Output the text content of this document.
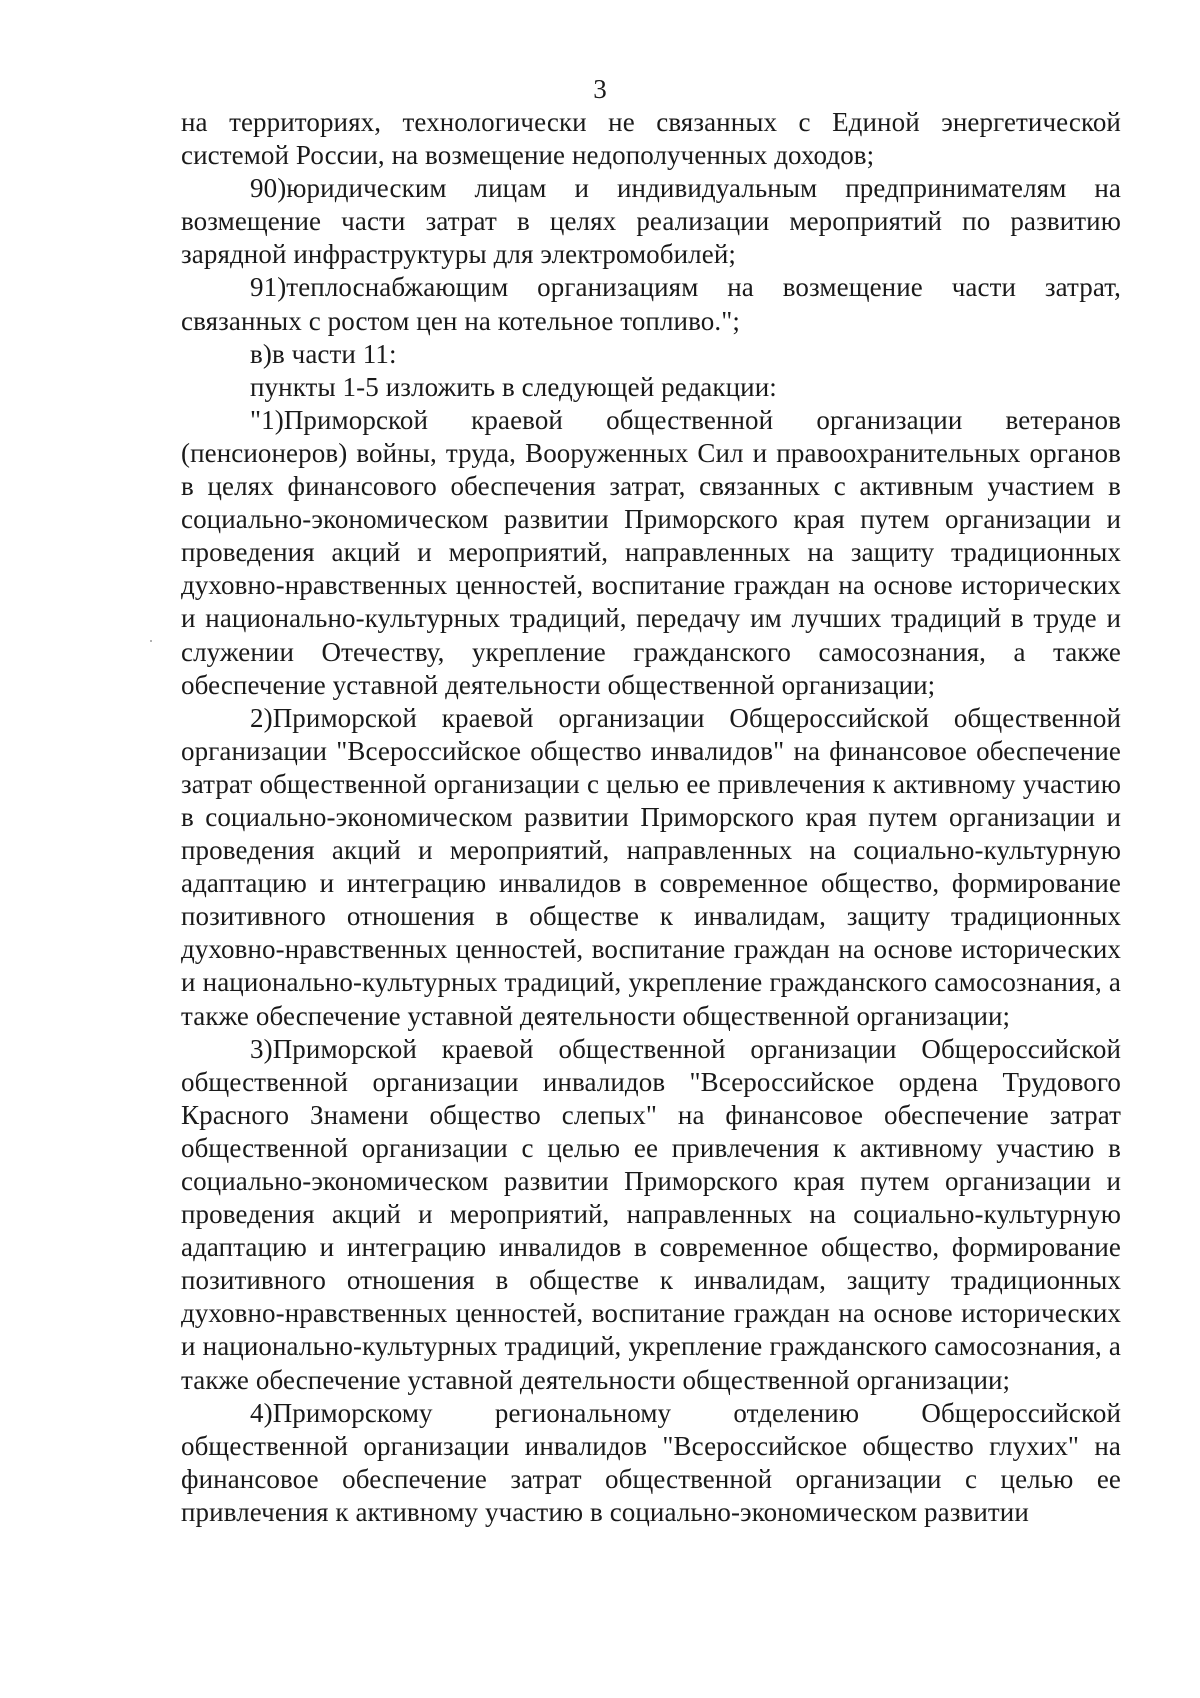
3

на территориях, технологически не связанных с Единой энергетической системой России, на возмещение недополученных доходов;

90)юридическим лицам и индивидуальным предпринимателям на возмещение части затрат в целях реализации мероприятий по развитию зарядной инфраструктуры для электромобилей;

91)теплоснабжающим организациям на возмещение части затрат, связанных с ростом цен на котельное топливо.";

в)в части 11:

пункты 1-5 изложить в следующей редакции:

"1)Приморской краевой общественной организации ветеранов (пенсионеров) войны, труда, Вооруженных Сил и правоохранительных органов в целях финансового обеспечения затрат, связанных с активным участием в социально-экономическом развитии Приморского края путем организации и проведения акций и мероприятий, направленных на защиту традиционных духовно-нравственных ценностей, воспитание граждан на основе исторических и национально-культурных традиций, передачу им лучших традиций в труде и служении Отечеству, укрепление гражданского самосознания, а также обеспечение уставной деятельности общественной организации;

2)Приморской краевой организации Общероссийской общественной организации "Всероссийское общество инвалидов" на финансовое обеспечение затрат общественной организации с целью ее привлечения к активному участию в социально-экономическом развитии Приморского края путем организации и проведения акций и мероприятий, направленных на социально-культурную адаптацию и интеграцию инвалидов в современное общество, формирование позитивного отношения в обществе к инвалидам, защиту традиционных духовно-нравственных ценностей, воспитание граждан на основе исторических и национально-культурных традиций, укрепление гражданского самосознания, а также обеспечение уставной деятельности общественной организации;

3)Приморской краевой общественной организации Общероссийской общественной организации инвалидов "Всероссийское ордена Трудового Красного Знамени общество слепых" на финансовое обеспечение затрат общественной организации с целью ее привлечения к активному участию в социально-экономическом развитии Приморского края путем организации и проведения акций и мероприятий, направленных на социально-культурную адаптацию и интеграцию инвалидов в современное общество, формирование позитивного отношения в обществе к инвалидам, защиту традиционных духовно-нравственных ценностей, воспитание граждан на основе исторических и национально-культурных традиций, укрепление гражданского самосознания, а также обеспечение уставной деятельности общественной организации;

4)Приморскому региональному отделению Общероссийской общественной организации инвалидов "Всероссийское общество глухих" на финансовое обеспечение затрат общественной организации с целью ее привлечения к активному участию в социально-экономическом развитии
